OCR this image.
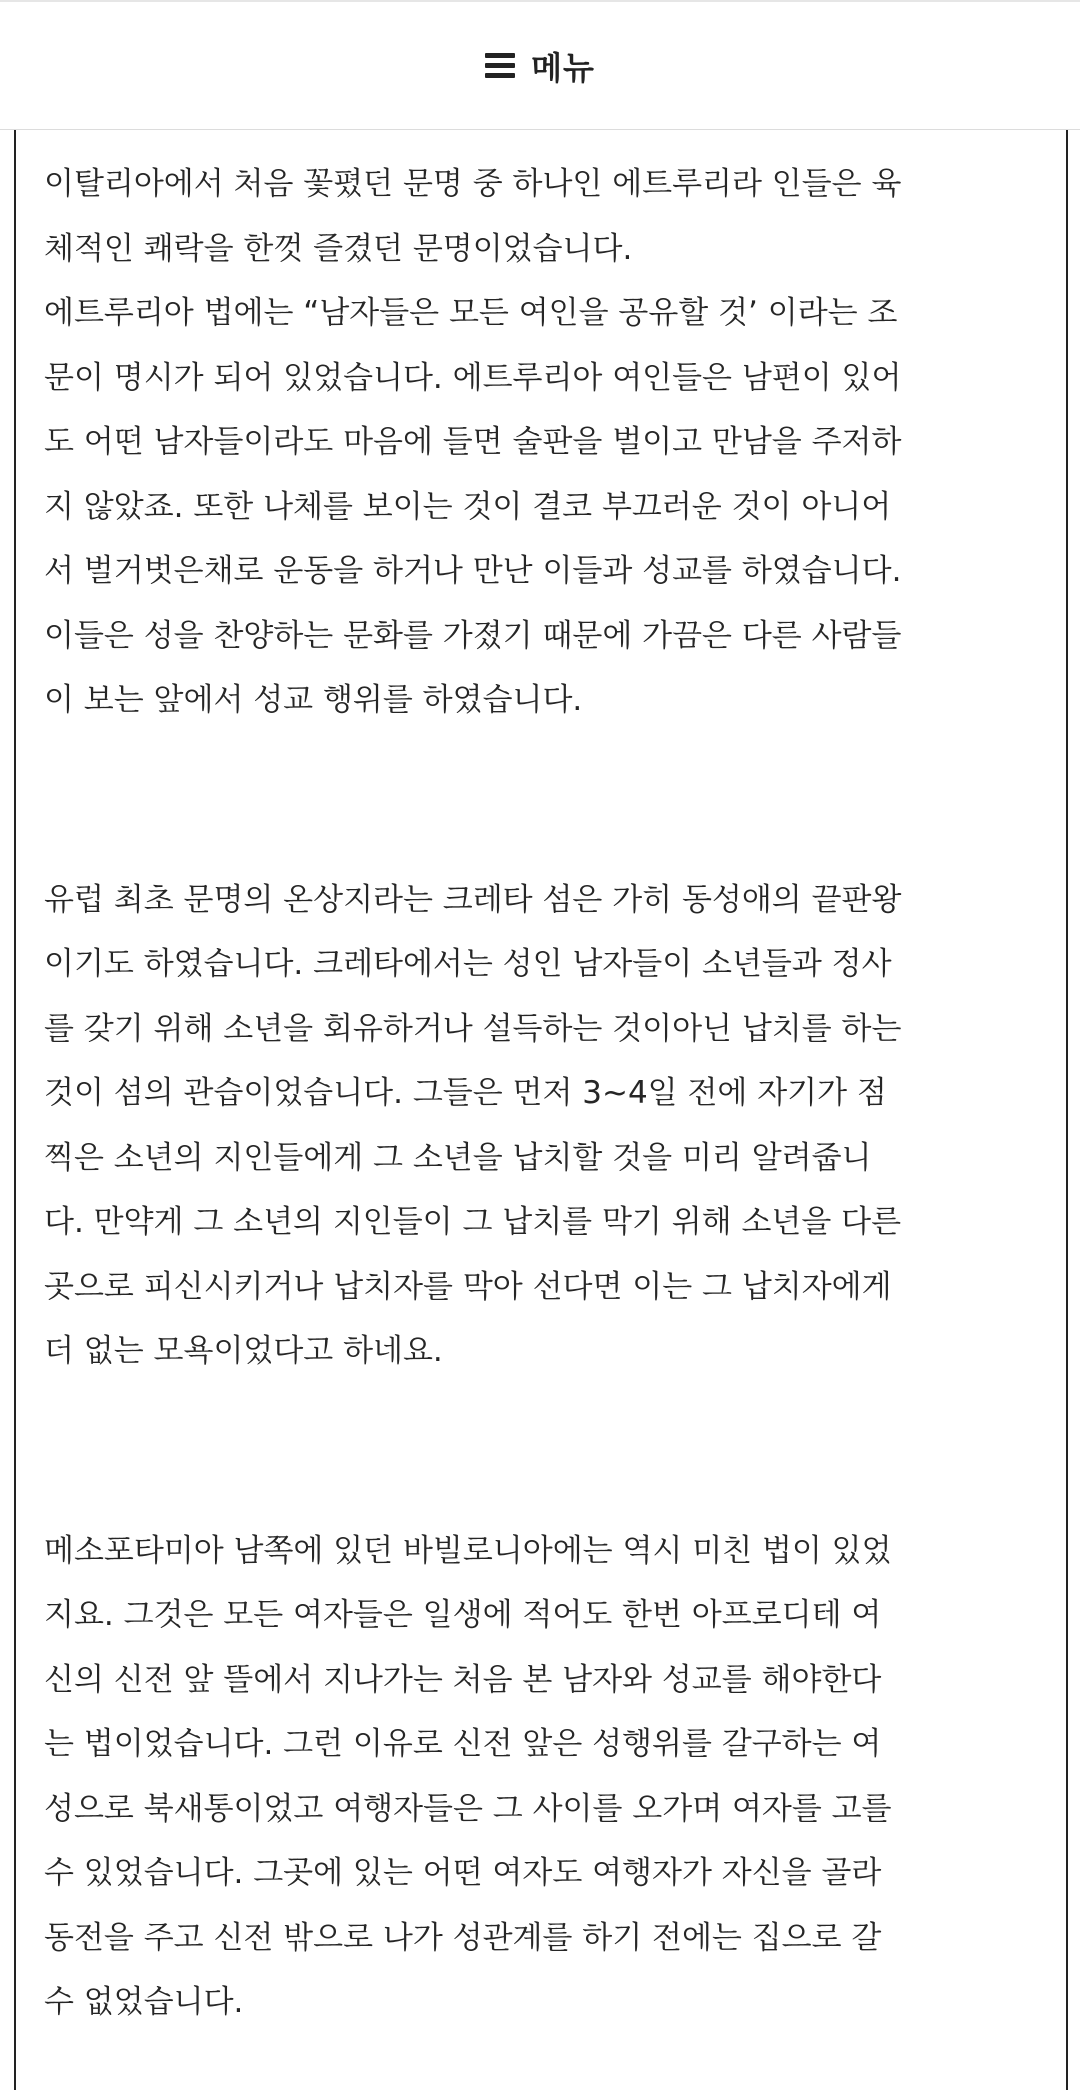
메뉴

이탈리아에서 처음 꽃폈던 문명 중 하나인 에트루리라 인들은 육
체적인 쾌락을 한껏 즐겼던 문명이었습니다.
에트루리아 법에는 “남자들은 모든 여인을 공유할 것’ 이라는 조
문이 명시가 되어 있었습니다. 에트루리아 여인들은 남편이 있어
도 어떤 남자들이라도 마음에 들면 술판을 벌이고 만남을 주저하
지 않았죠. 또한 나체를 보이는 것이 결코 부끄러운 것이 아니어
서 벌거벗은채로 운동을 하거나 만난 이들과 성교를 하였습니다.
이들은 성을 찬양하는 문화를 가졌기 때문에 가끔은 다른 사람들
이 보는 앞에서 성교 행위를 하였습니다.

유럽 최초 문명의 온상지라는 크레타 섬은 가히 동성애의 끝판왕
이기도 하였습니다. 크레타에서는 성인 남자들이 소년들과 정사
를 갖기 위해 소년을 회유하거나 설득하는 것이아닌 납치를 하는
것이 섬의 관습이었습니다. 그들은 먼저 3~4일 전에 자기가 점
찍은 소년의 지인들에게 그 소년을 납치할 것을 미리 알려줍니
다. 만약게 그 소년의 지인들이 그 납치를 막기 위해 소년을 다른
곳으로 피신시키거나 납치자를 막아 선다면 이는 그 납치자에게
더 없는 모욕이었다고 하네요.

메소포타미아 남쪽에 있던 바빌로니아에는 역시 미친 법이 있었
지요. 그것은 모든 여자들은 일생에 적어도 한번 아프로디테 여
신의 신전 앞 뜰에서 지나가는 처음 본 남자와 성교를 해야한다
는 법이었습니다. 그런 이유로 신전 앞은 성행위를 갈구하는 여
성으로 북새통이었고 여행자들은 그 사이를 오가며 여자를 고를
수 있었습니다. 그곳에 있는 어떤 여자도 여행자가 자신을 골라
동전을 주고 신전 밖으로 나가 성관계를 하기 전에는 집으로 갈
수 없었습니다.
